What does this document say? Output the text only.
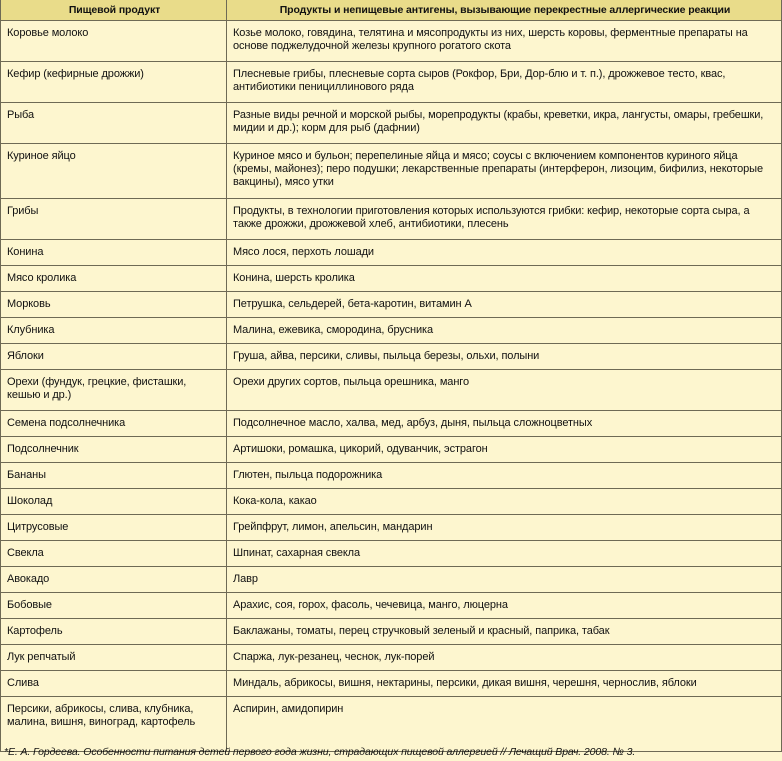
Пищевой продукт	Продукты и непищевые антигены, вызывающие перекрестные аллергические реакции
Коровье молоко	Козье молоко, говядина, телятина и мясопродукты из них, шерсть коровы, ферментные препараты на основе поджелудочной железы крупного рогатого скота
Кефир (кефирные дрожжи)	Плесневые грибы, плесневые сорта сыров (Рокфор, Бри, Дор-блю и т. п.), дрожжевое тесто, квас, антибиотики пенициллинового ряда
Рыба	Разные виды речной и морской рыбы, морепродукты (крабы, креветки, икра, лангусты, омары, гребешки, мидии и др.); корм для рыб (дафнии)
Куриное яйцо	Куриное мясо и бульон; перепелиные яйца и мясо; соусы с включением компонентов куриного яйца (кремы, майонез); перо подушки; лекарственные препараты (интерферон, лизоцим, бифилиз, некоторые вакцины), мясо утки
Грибы	Продукты, в технологии приготовления которых используются грибки: кефир, некоторые сорта сыра, а также дрожжи, дрожжевой хлеб, антибиотики, плесень
Конина	Мясо лося, перхоть лошади
Мясо кролика	Конина, шерсть кролика
Морковь	Петрушка, сельдерей, бета-каротин, витамин А
Клубника	Малина, ежевика, смородина, брусника
Яблоки	Груша, айва, персики, сливы, пыльца березы, ольхи, полыни
Орехи (фундук, грецкие, фисташки, кешью и др.)	Орехи других сортов, пыльца орешника, манго
Семена подсолнечника	Подсолнечное масло, халва, мед, арбуз, дыня, пыльца сложноцветных
Подсолнечник	Артишоки, ромашка, цикорий, одуванчик, эстрагон
Бананы	Глютен, пыльца подорожника
Шоколад	Кока-кола, какао
Цитрусовые	Грейпфрут, лимон, апельсин, мандарин
Свекла	Шпинат, сахарная свекла
Авокадо	Лавр
Бобовые	Арахис, соя, горох, фасоль, чечевица, манго, люцерна
Картофель	Баклажаны, томаты, перец стручковый зеленый и красный, паприка, табак
Лук репчатый	Спаржа, лук-резанец, чеснок, лук-порей
Слива	Миндаль, абрикосы, вишня, нектарины, персики, дикая вишня, черешня, чернослив, яблоки
Персики, абрикосы, слива, клубника, малина, вишня, виноград, картофель	Аспирин, амидопирин
*Е. А. Гордеева. Особенности питания детей первого года жизни, страдающих пищевой аллергией // Лечащий Врач. 2008. № 3.
